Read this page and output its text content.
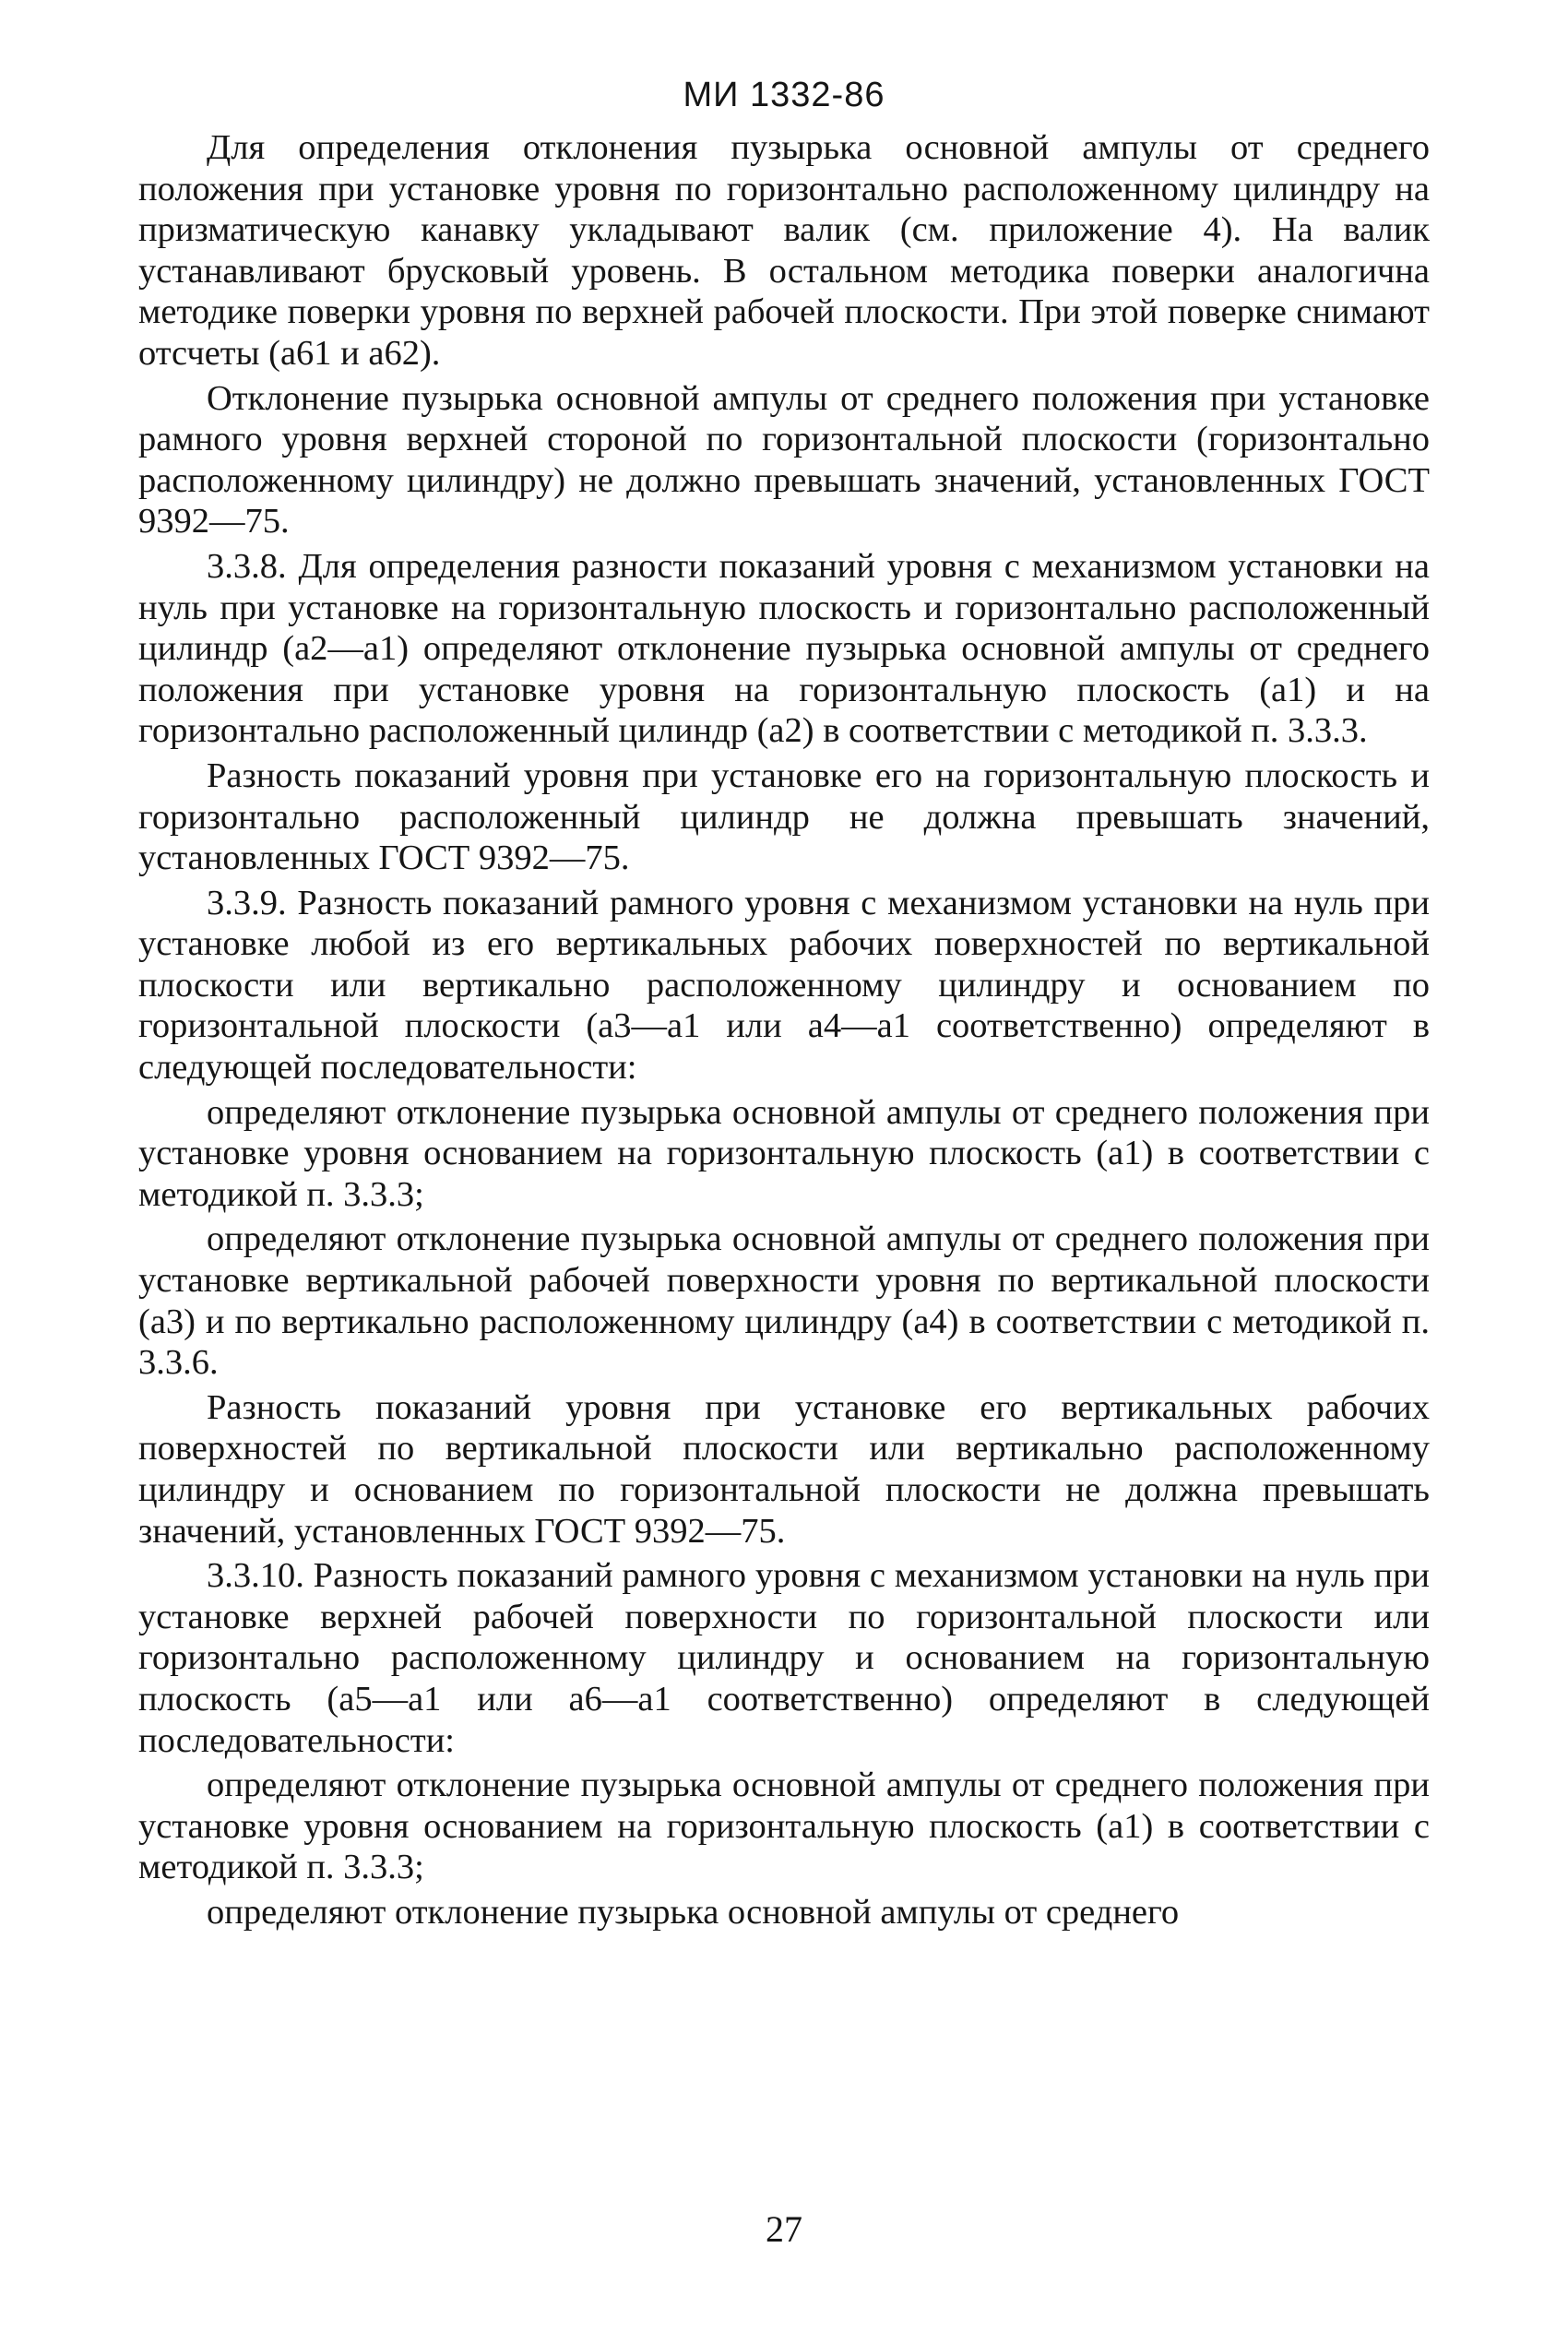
МИ 1332-86

Для определения отклонения пузырька основной ампулы от среднего положения при установке уровня по горизонтально расположенному цилиндру на призматическую канавку укладывают валик (см. приложение 4). На валик устанавливают брусковый уровень. В остальном методика поверки аналогична методике поверки уровня по верхней рабочей плоскости. При этой поверке снимают отсчеты (a61 и a62).

Отклонение пузырька основной ампулы от среднего положения при установке рамного уровня верхней стороной по горизонтальной плоскости (горизонтально расположенному цилиндру) не должно превышать значений, установленных ГОСТ 9392—75.

3.3.8. Для определения разности показаний уровня с механизмом установки на нуль при установке на горизонтальную плоскость и горизонтально расположенный цилиндр (a2—a1) определяют отклонение пузырька основной ампулы от среднего положения при установке уровня на горизонтальную плоскость (a1) и на горизонтально расположенный цилиндр (a2) в соответствии с методикой п. 3.3.3.

Разность показаний уровня при установке его на горизонтальную плоскость и горизонтально расположенный цилиндр не должна превышать значений, установленных ГОСТ 9392—75.

3.3.9. Разность показаний рамного уровня с механизмом установки на нуль при установке любой из его вертикальных рабочих поверхностей по вертикальной плоскости или вертикально расположенному цилиндру и основанием по горизонтальной плоскости (a3—a1 или a4—a1 соответственно) определяют в следующей последовательности:

определяют отклонение пузырька основной ампулы от среднего положения при установке уровня основанием на горизонтальную плоскость (a1) в соответствии с методикой п. 3.3.3;

определяют отклонение пузырька основной ампулы от среднего положения при установке вертикальной рабочей поверхности уровня по вертикальной плоскости (a3) и по вертикально расположенному цилиндру (a4) в соответствии с методикой п. 3.3.6.

Разность показаний уровня при установке его вертикальных рабочих поверхностей по вертикальной плоскости или вертикально расположенному цилиндру и основанием по горизонтальной плоскости не должна превышать значений, установленных ГОСТ 9392—75.

3.3.10. Разность показаний рамного уровня с механизмом установки на нуль при установке верхней рабочей поверхности по горизонтальной плоскости или горизонтально расположенному цилиндру и основанием на горизонтальную плоскость (a5—a1 или a6—a1 соответственно) определяют в следующей последовательности:

определяют отклонение пузырька основной ампулы от среднего положения при установке уровня основанием на горизонтальную плоскость (a1) в соответствии с методикой п. 3.3.3;

определяют отклонение пузырька основной ампулы от среднего

27
